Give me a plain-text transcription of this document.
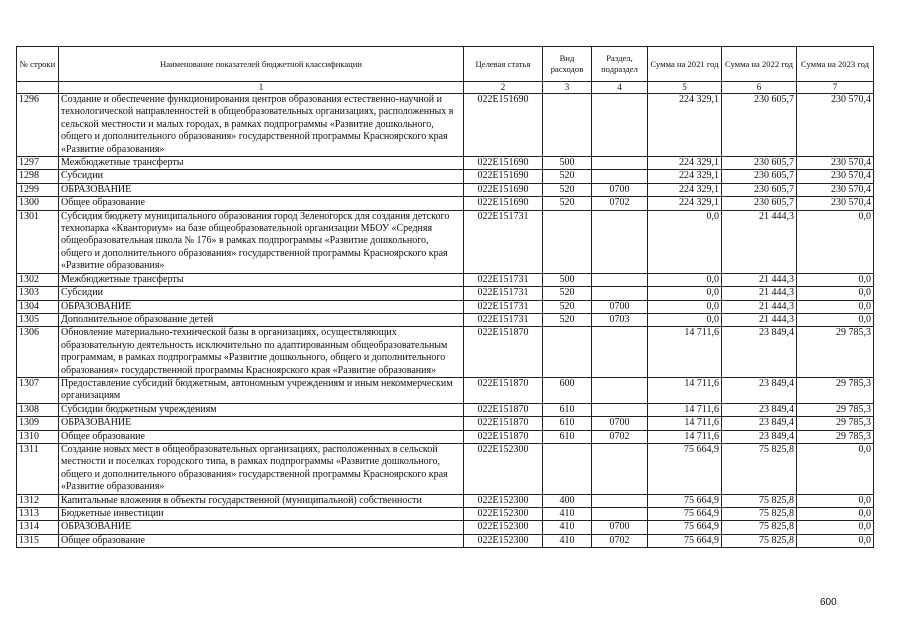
№ строки	Наименование показателей бюджетной классификации	Целевая статья	Вид расходов	Раздел, подраздел	Сумма на 2021 год	Сумма на 2022 год	Сумма на 2023 год
	1	2	3	4	5	6	7
1296	Создание и обеспечение функционирования центров образования естественно-научной и технологической направленностей в общеобразовательных организациях, расположенных в сельской местности и малых городах, в рамках подпрограммы «Развитие дошкольного, общего и дополнительного образования» государственной программы Красноярского края «Развитие образования»	022E151690			224 329,1	230 605,7	230 570,4
1297	Межбюджетные трансферты	022E151690	500		224 329,1	230 605,7	230 570,4
1298	Субсидии	022E151690	520		224 329,1	230 605,7	230 570,4
1299	ОБРАЗОВАНИЕ	022E151690	520	0700	224 329,1	230 605,7	230 570,4
1300	Общее образование	022E151690	520	0702	224 329,1	230 605,7	230 570,4
1301	Субсидия бюджету муниципального образования город Зеленогорск для создания детского технопарка «Кванториум» на базе общеобразовательной организации МБОУ «Средняя общеобразовательная школа № 176» в рамках подпрограммы «Развитие дошкольного, общего и дополнительного образования» государственной программы Красноярского края «Развитие образования»	022E151731			0,0	21 444,3	0,0
1302	Межбюджетные трансферты	022E151731	500		0,0	21 444,3	0,0
1303	Субсидии	022E151731	520		0,0	21 444,3	0,0
1304	ОБРАЗОВАНИЕ	022E151731	520	0700	0,0	21 444,3	0,0
1305	Дополнительное образование детей	022E151731	520	0703	0,0	21 444,3	0,0
1306	Обновление материально-технической базы в организациях, осуществляющих образовательную деятельность исключительно по адаптированным общеобразовательным программам, в рамках подпрограммы «Развитие дошкольного, общего и дополнительного образования» государственной программы Красноярского края «Развитие образования»	022E151870			14 711,6	23 849,4	29 785,3
1307	Предоставление субсидий бюджетным, автономным учреждениям и иным некоммерческим организациям	022E151870	600		14 711,6	23 849,4	29 785,3
1308	Субсидии бюджетным учреждениям	022E151870	610		14 711,6	23 849,4	29 785,3
1309	ОБРАЗОВАНИЕ	022E151870	610	0700	14 711,6	23 849,4	29 785,3
1310	Общее образование	022E151870	610	0702	14 711,6	23 849,4	29 785,3
1311	Создание новых мест в общеобразовательных организациях, расположенных в сельской местности и поселках городского типа, в рамках подпрограммы «Развитие дошкольного, общего и дополнительного образования» государственной программы Красноярского края «Развитие образования»	022E152300			75 664,9	75 825,8	0,0
1312	Капитальные вложения в объекты государственной (муниципальной) собственности	022E152300	400		75 664,9	75 825,8	0,0
1313	Бюджетные инвестиции	022E152300	410		75 664,9	75 825,8	0,0
1314	ОБРАЗОВАНИЕ	022E152300	410	0700	75 664,9	75 825,8	0,0
1315	Общее образование	022E152300	410	0702	75 664,9	75 825,8	0,0
600
